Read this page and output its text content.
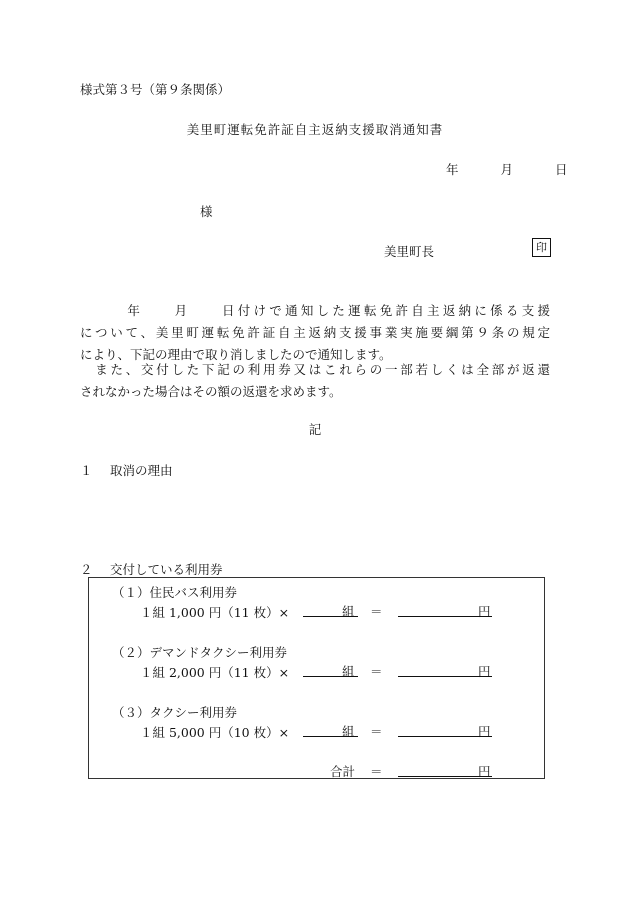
様式第３号（第９条関係）
美里町運転免許証自主返納支援取消通知書
年	月	日
様
美里町長	印

　　　年　　月　　日付けで通知した運転免許自主返納に係る支援

について、美里町運転免許証自主返納支援事業実施要綱第９条の規定

により、下記の理由で取り消しましたので通知します。

　また、交付した下記の利用券又はこれらの一部若しくは全部が返還

されなかった場合はその額の返還を求めます。

記
１ 取消の理由
２ 交付している利用券
（１）住民バス利用券
１組 1,000 円（11 枚）×	組 ＝	円
（２）デマンドタクシー利用券
１組 2,000 円（11 枚）×	組 ＝	円
（３）タクシー利用券
１組 5,000 円（10 枚）×	組 ＝	円
合計 ＝	円
